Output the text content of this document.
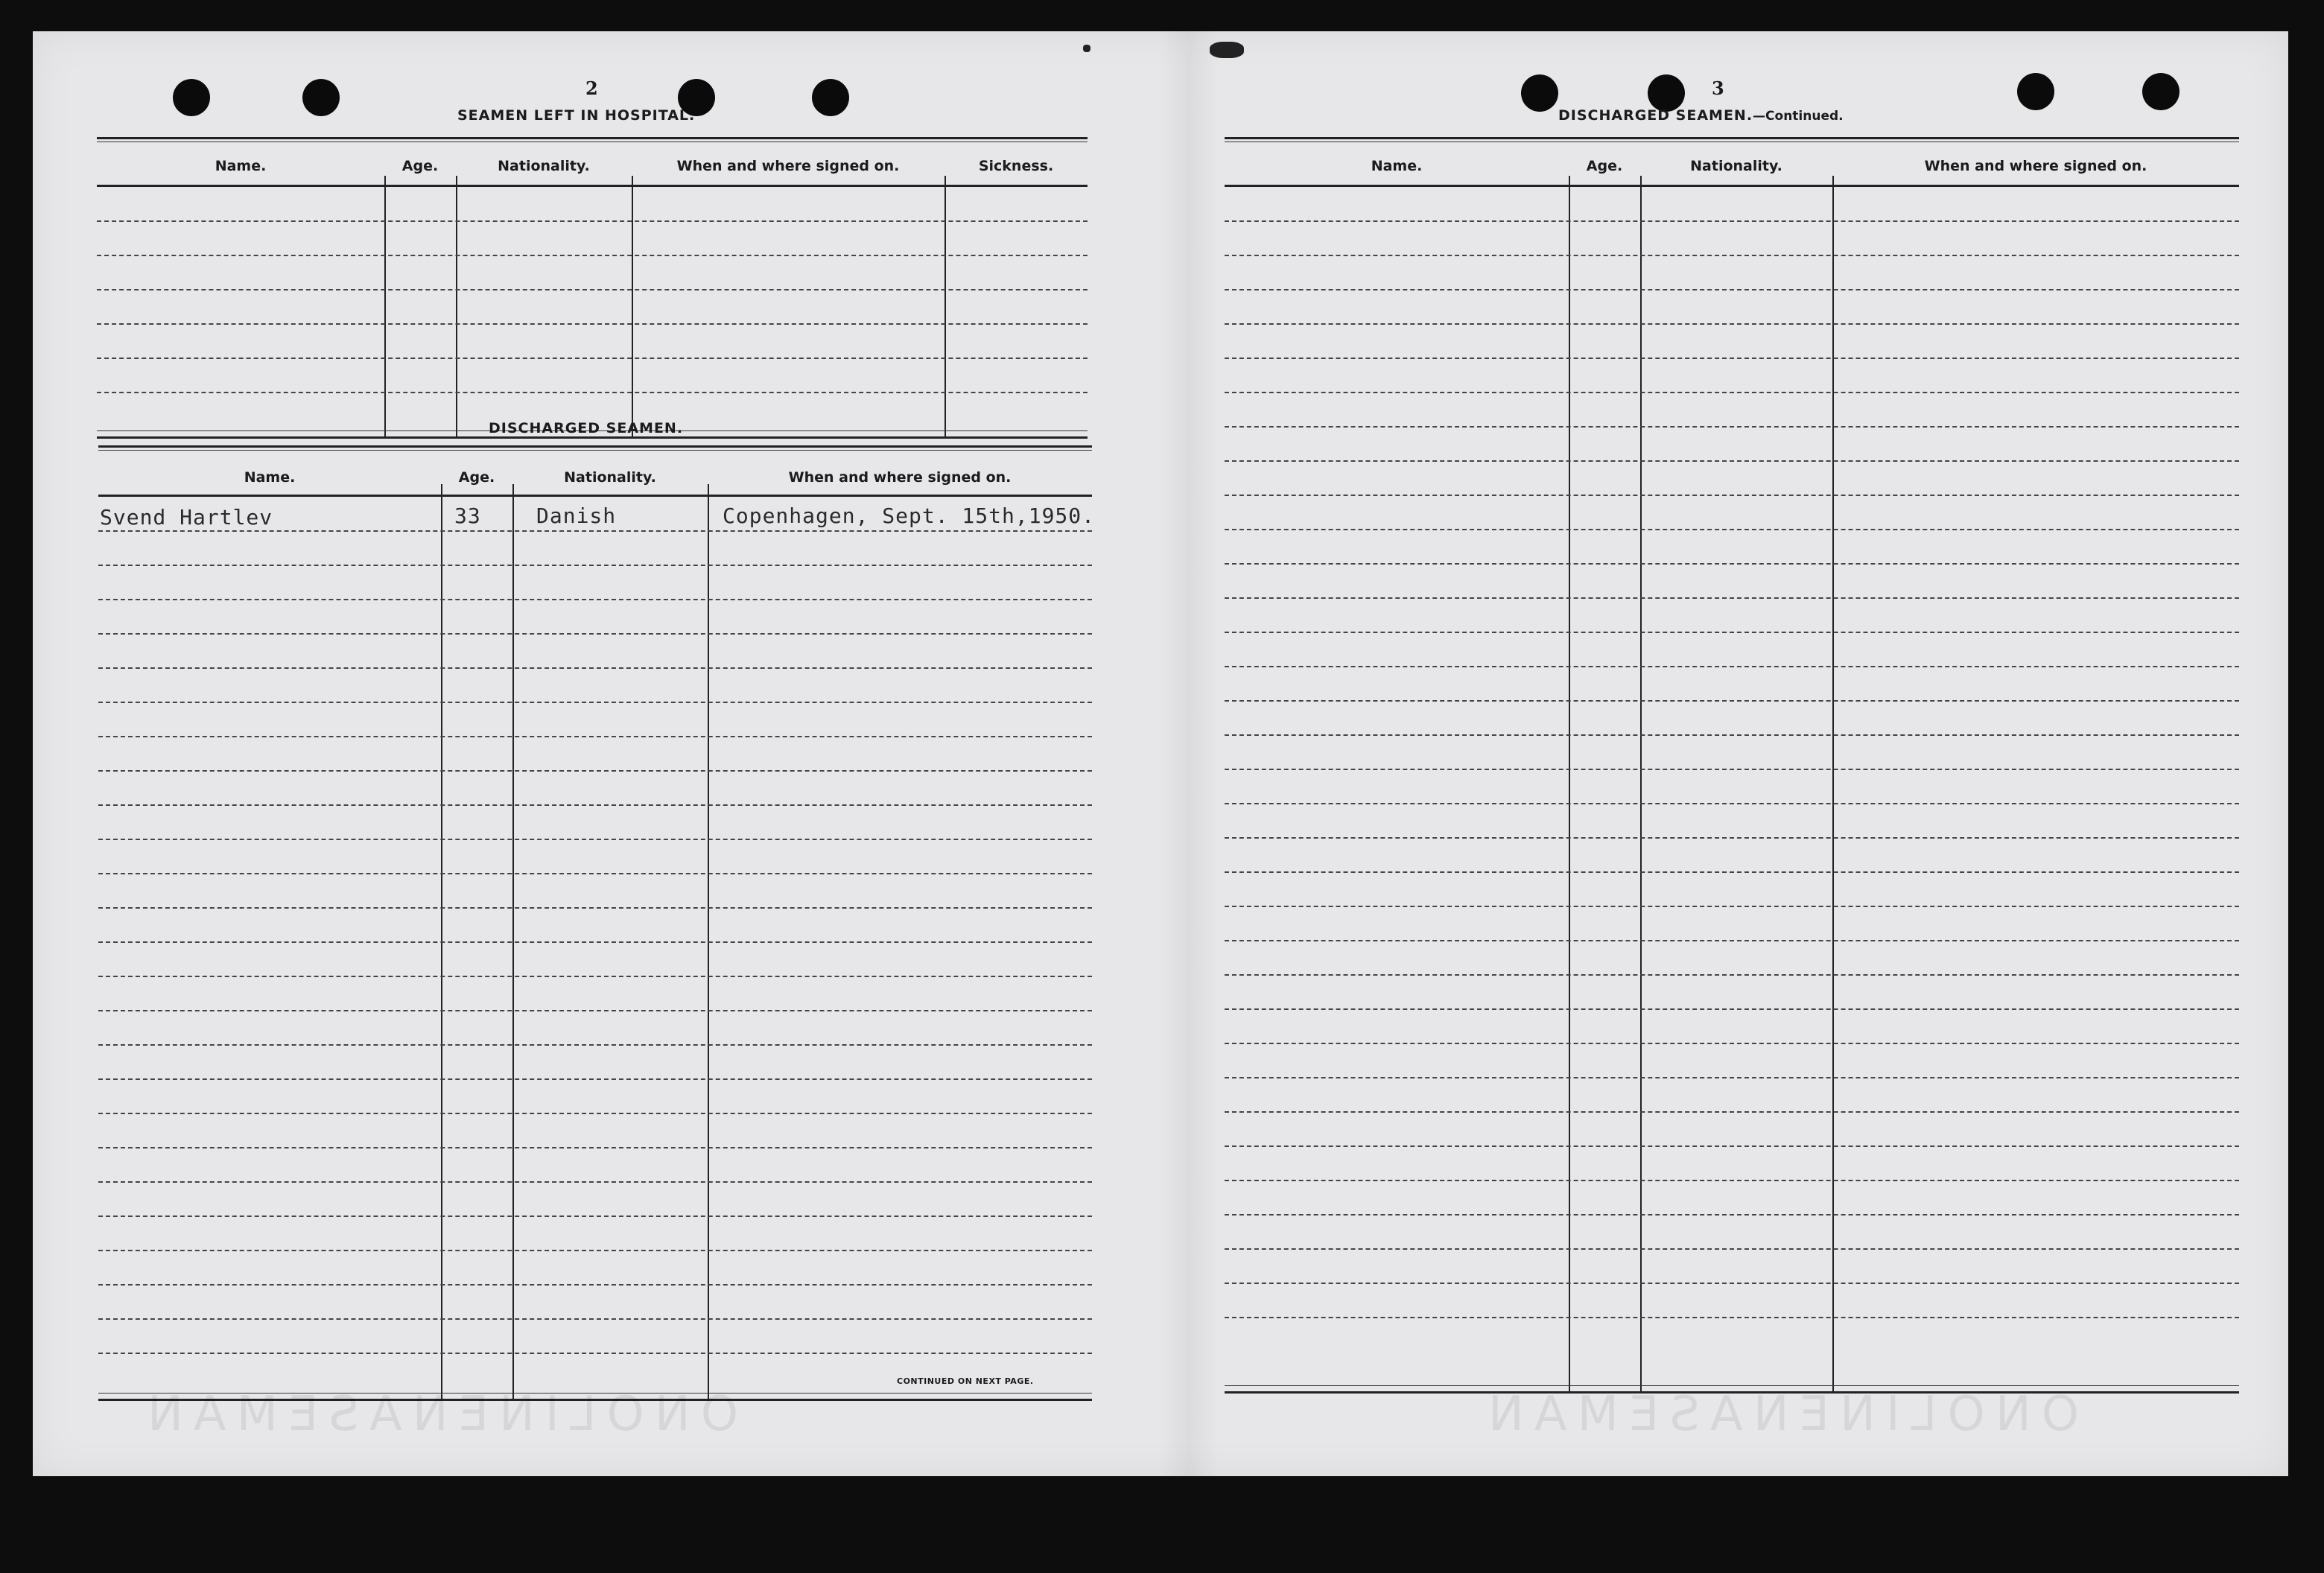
2	3
SEAMEN LEFT IN HOSPITAL.
Name.	Age.	Nationality.	When and where signed on.	Sickness.
DISCHARGED SEAMEN.
Name.	Age.	Nationality.	When and where signed on.
Svend Hartlev	33	Danish	Copenhagen, Sept. 15th,1950.
CONTINUED ON NEXT PAGE.
DISCHARGED SEAMEN.—Continued.
Name.	Age.	Nationality.	When and where signed on.
ONOLINENASEMAN	ONOLINENASEMAN
